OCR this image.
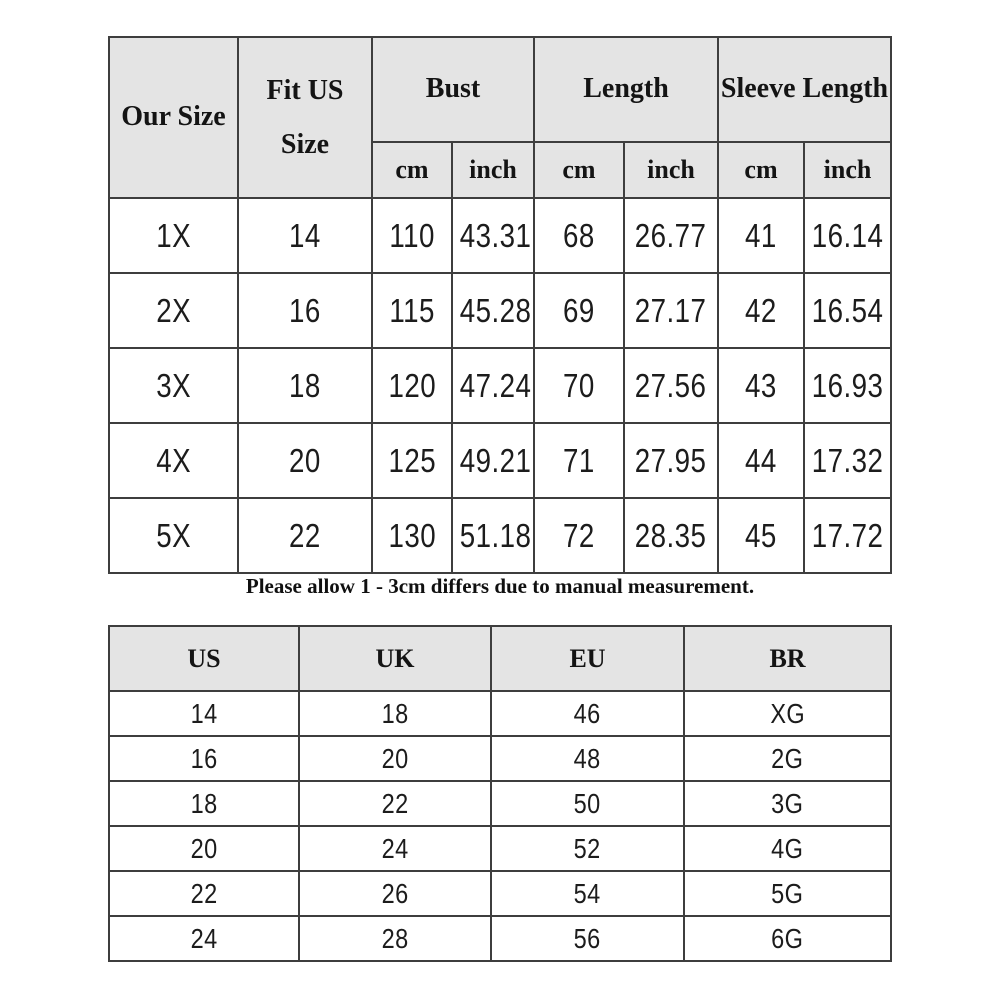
Our Size	Fit US Size	Bust		Length		Sleeve Length	
		cm	inch	cm	inch	cm	inch
1X	14	110	43.31	68	26.77	41	16.14
2X	16	115	45.28	69	27.17	42	16.54
3X	18	120	47.24	70	27.56	43	16.93
4X	20	125	49.21	71	27.95	44	17.32
5X	22	130	51.18	72	28.35	45	17.72
Please allow 1 - 3cm differs due to manual measurement.
US	UK	EU	BR
14	18	46	XG
16	20	48	2G
18	22	50	3G
20	24	52	4G
22	26	54	5G
24	28	56	6G
